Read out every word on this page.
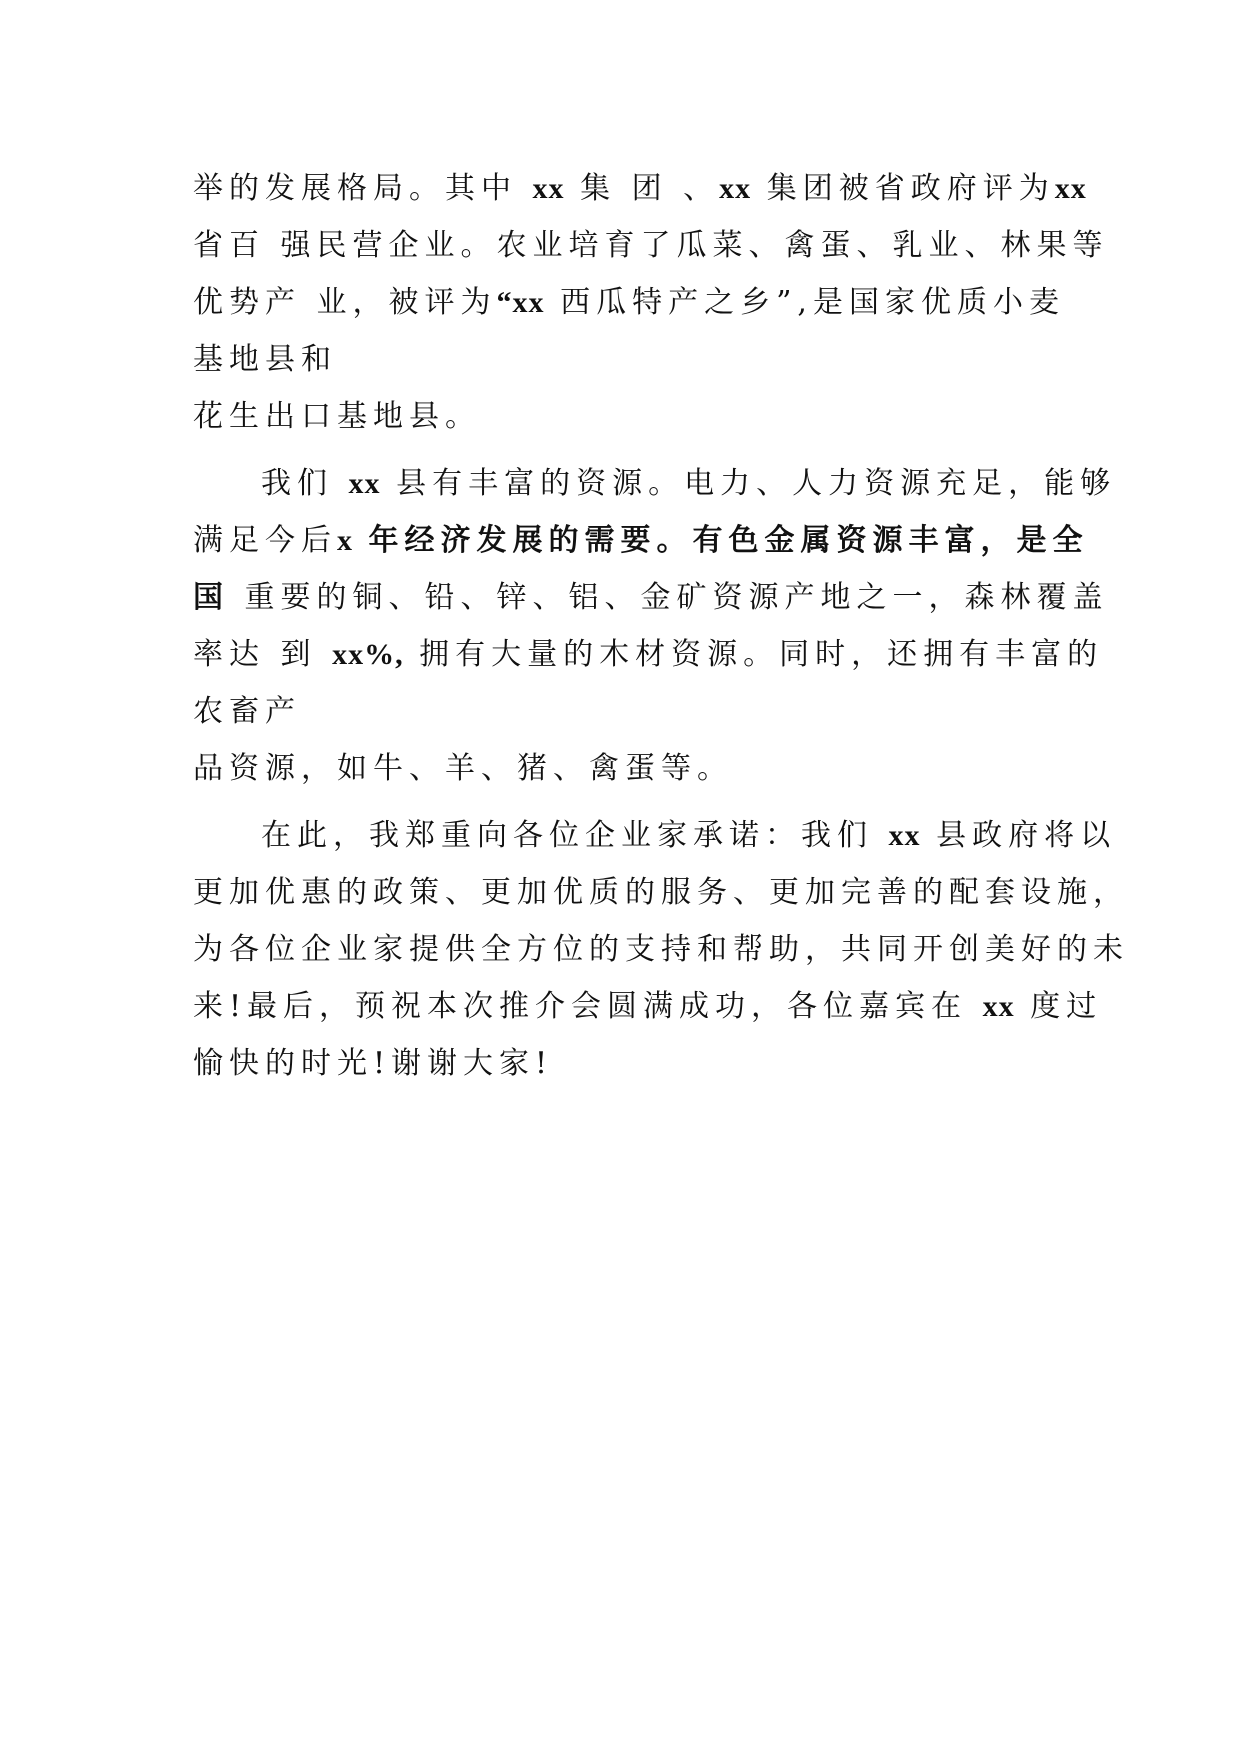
举的发展格局。其中 xx 集 团 、xx 集团被省政府评为xx
省百 强民营企业。农业培育了瓜菜、禽蛋、乳业、林果等
优势产 业，被评为“xx 西瓜特产之乡”,是国家优质小麦
基地县和
花生出口基地县。
我们 xx 县有丰富的资源。电力、人力资源充足，能够
满足今后x 年经济发展的需要。有色金属资源丰富，是全
国 重要的铜、铅、锌、铝、金矿资源产地之一，森林覆盖
率达 到 xx%, 拥有大量的木材资源。同时，还拥有丰富的
农畜产
品资源，如牛、羊、猪、禽蛋等。
在此，我郑重向各位企业家承诺：我们 xx 县政府将以
更加优惠的政策、更加优质的服务、更加完善的配套设施，
为各位企业家提供全方位的支持和帮助，共同开创美好的未
来!最后，预祝本次推介会圆满成功，各位嘉宾在 xx 度过
愉快的时光!谢谢大家!
